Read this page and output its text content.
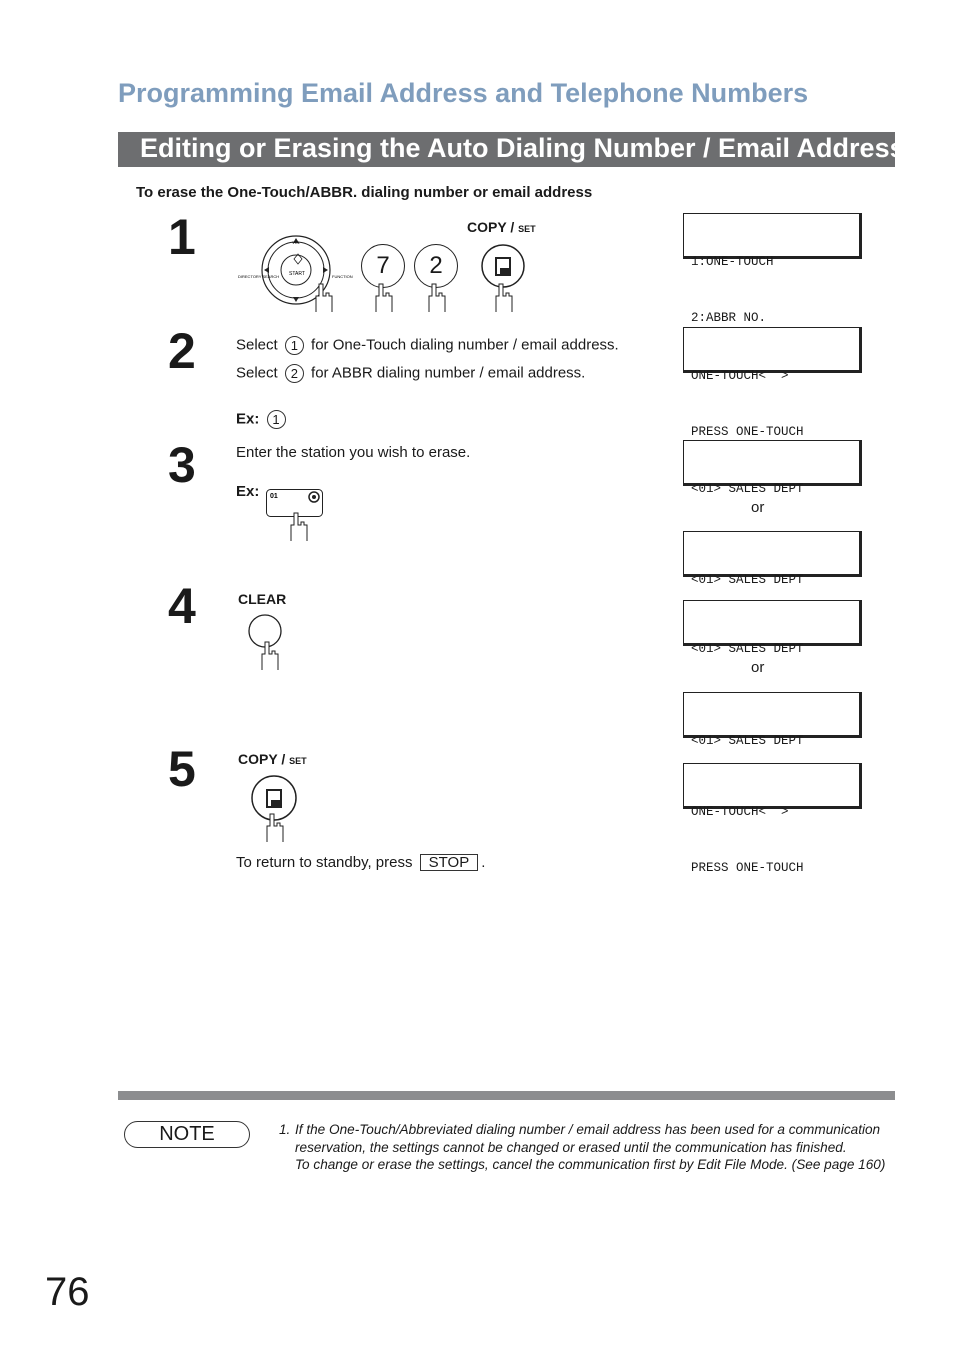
Programming Email Address and Telephone Numbers
Editing or Erasing the Auto Dialing Number / Email Address
To erase the One-Touch/ABBR. dialing number or email address
1	VOL
START
DIRECTORY SEARCH	FUNCTION 7	2
COPY / SET

1:ONE-TOUCH

2:ABBR NO.

2	Select 1 for One-Touch dialing number / email address.
Select 2 for ABBR dialing number / email address.
Ex: 1

ONE-TOUCH<  >

PRESS ONE-TOUCH

3	Enter the station you wish to erase.
Ex: 01

<01> SALES DEPT

or

<01> SALES DEPT

4	CLEAR

<01> SALES DEPT

or

<01> SALES DEPT

5	COPY / SET

ONE-TOUCH<  >

PRESS ONE-TOUCH

To return to standby, press STOP .
NOTE	1. If the One-Touch/Abbreviated dialing number / email address has been used for a communication reservation, the settings cannot be changed or erased until the communication has finished.
To change or erase the settings, cancel the communication first by Edit File Mode. (See page 160)
76
